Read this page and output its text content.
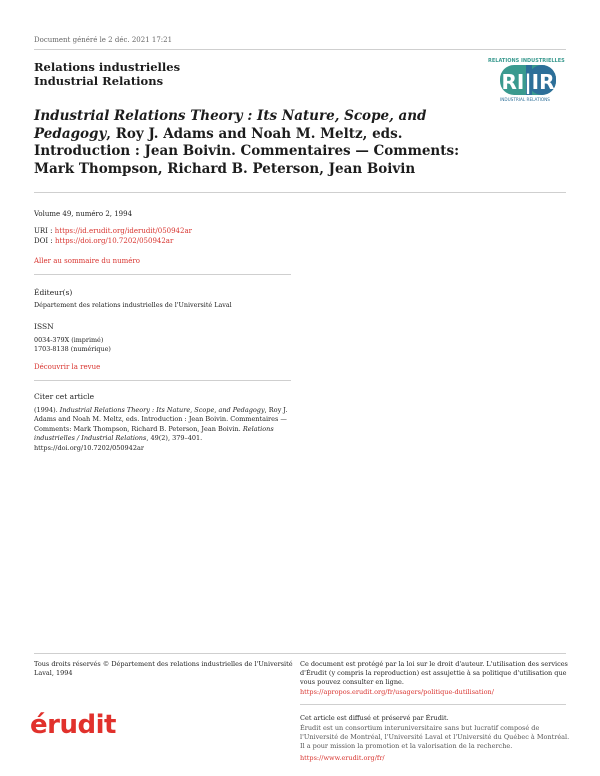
Document généré le 2 déc. 2021 17:21
Relations industrielles
Industrial Relations
RELATIONS INDUSTRIELLES
RI|IR
INDUSTRIAL RELATIONS
Industrial Relations Theory : Its Nature, Scope, and Pedagogy, Roy J. Adams and Noah M. Meltz, eds. Introduction : Jean Boivin. Commentaires — Comments: Mark Thompson, Richard B. Peterson, Jean Boivin
Volume 49, numéro 2, 1994
URI : https://id.erudit.org/iderudit/050942ar
DOI : https://doi.org/10.7202/050942ar
Aller au sommaire du numéro
Éditeur(s)
Département des relations industrielles de l'Université Laval
ISSN
0034-379X (imprimé)
1703-8138 (numérique)
Découvrir la revue
Citer cet article
(1994). Industrial Relations Theory : Its Nature, Scope, and Pedagogy, Roy J. Adams and Noah M. Meltz, eds. Introduction : Jean Boivin. Commentaires — Comments: Mark Thompson, Richard B. Peterson, Jean Boivin. Relations industrielles / Industrial Relations, 49(2), 379–401. https://doi.org/10.7202/050942ar
Tous droits réservés © Département des relations industrielles de l'Université Laval, 1994
Ce document est protégé par la loi sur le droit d'auteur. L'utilisation des services d'Érudit (y compris la reproduction) est assujettie à sa politique d'utilisation que vous pouvez consulter en ligne.
https://apropos.erudit.org/fr/usagers/politique-dutilisation/
érudit	Cet article est diffusé et préservé par Érudit.
Érudit est un consortium interuniversitaire sans but lucratif composé de l'Université de Montréal, l'Université Laval et l'Université du Québec à Montréal. Il a pour mission la promotion et la valorisation de la recherche.
https://www.erudit.org/fr/
